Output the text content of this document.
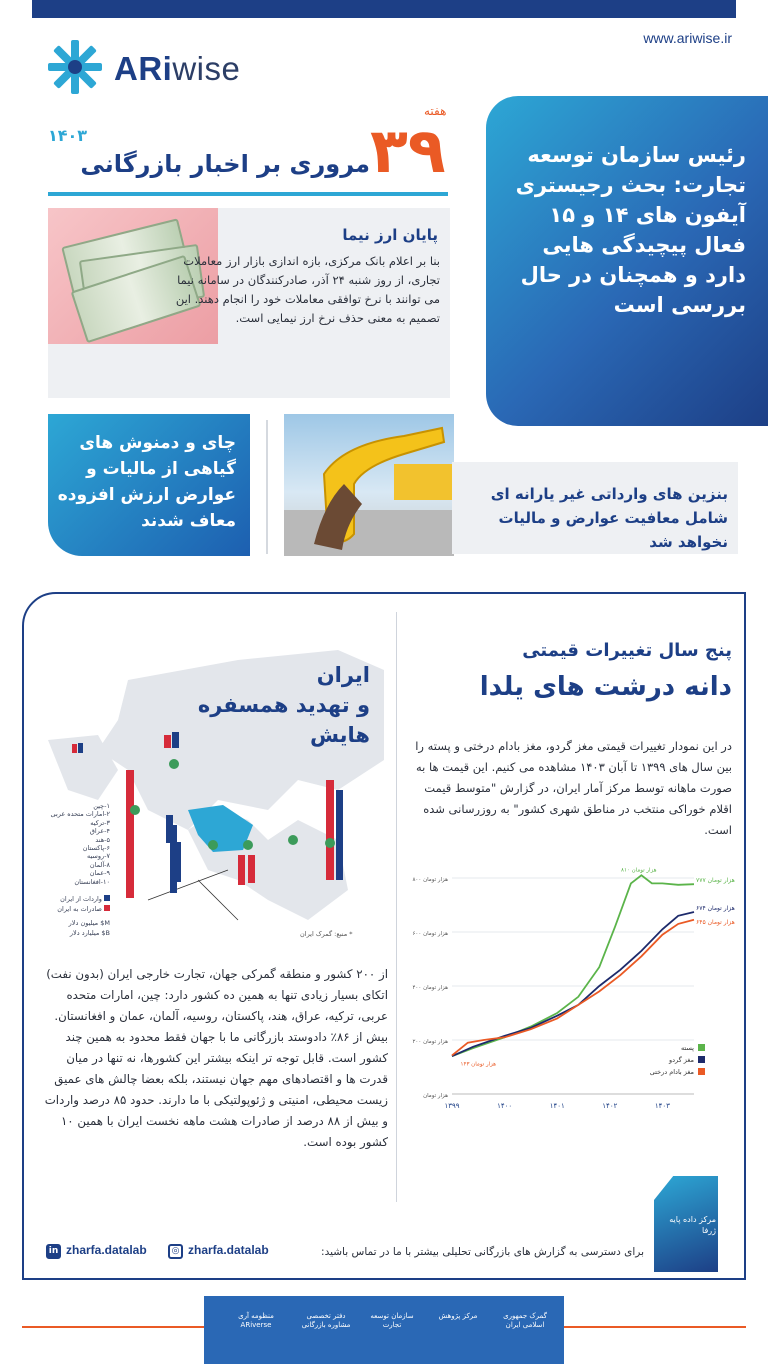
www.ariwise.ir
ARiwise
هفته
۳۹
۱۴۰۳
مروری بر اخبار بازرگانی
پایان ارز نیما
بنا بر اعلام بانک مرکزی، بازه اندازی بازار ارز معاملات تجاری، از روز شنبه ۲۴ آذر، صادرکنندگان در سامانه نیما می توانند با نرخ توافقی معاملات خود را انجام دهند. این تصمیم به معنی حذف نرخ ارز نیمایی است.
رئیس سازمان توسعه تجارت: بحث رجیستری آیفون های ۱۴ و ۱۵ فعال پیچیدگی هایی دارد و همچنان در حال بررسی است
چای و دمنوش های گیاهی از مالیات و عوارض ارزش افزوده معاف شدند
بنزین های وارداتی غیر یارانه ای شامل معافیت عوارض و مالیات نخواهد شد
ایران
و تهدید همسفره هایش
۱-چین
۲-امارات متحده عربی
۳-ترکیه
۴-عراق
۵-هند
۶-پاکستان
۷-روسیه
۸-آلمان
۹-عمان
۱۰-افغانستان
واردات از ایران
صادرات به ایران
M$ میلیون دلار
B$ میلیارد دلار	* منبع: گمرک ایران
پنج سال تغییرات قیمتی
دانه درشت های یلدا
در این نمودار تغییرات قیمتی مغز گردو، مغز بادام درختی و پسته را بین سال های ۱۳۹۹ تا آبان ۱۴۰۳ مشاهده می کنیم. این قیمت ها به صورت ماهانه توسط مرکز آمار ایران، در گزارش "متوسط قیمت اقلام خوراکی منتخب در مناطق شهری کشور" به روزرسانی شده است.
۸۰۰ هزار تومان
۶۰۰ هزار تومان
۴۰۰ هزار تومان
۲۰۰ هزار تومان
هزار تومان
۱۳۹۹	۱۴۰۰	۱۴۰۱	۱۴۰۲	۱۴۰۳
۷۷۷ هزار تومان
۶۷۴ هزار تومان
۶۴۵ هزار تومان
۸۱۰ هزار تومان
۱۴۳ هزار تومان
پسته
مغز گردو
مغز بادام درختی
از ۲۰۰ کشور و منطقه گمرکی جهان، تجارت خارجی ایران (بدون نفت) اتکای بسیار زیادی تنها به همین ده کشور دارد: چین، امارات متحده عربی، ترکیه، عراق، هند، پاکستان، روسیه، آلمان، عمان و افغانستان. بیش از ۸۶٪ دادوستد بازرگانی ما با جهان فقط محدود به همین چند کشور است. قابل توجه تر اینکه بیشتر این کشورها، نه تنها در میان قدرت ها و اقتصادهای مهم جهان نیستند، بلکه بعضا چالش های عمیق زیست محیطی، امنیتی و ژئوپولتیکی با ما دارند. حدود ۸۵ درصد واردات و بیش از ۸۸ درصد از صادرات هشت ماهه نخست ایران با همین ۱۰ کشور بوده است.
مرکز داده پایه ژرفا
برای دسترسی به گزارش های بازرگانی تحلیلی بیشتر با ما در تماس باشید:
◎ zharfa.datalab
in zharfa.datalab
منظومه آری ARiverse
دفتر تخصصی مشاوره بازرگانی
سازمان توسعه تجارت
مرکز پژوهش	گمرک جمهوری اسلامی ایران
